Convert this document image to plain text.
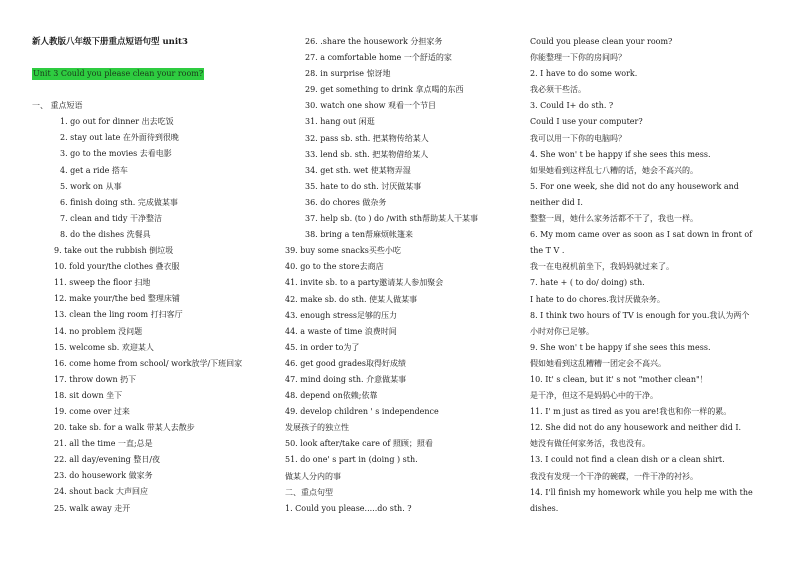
新人教版八年级下册重点短语句型 unit3
Unit 3 Could you please clean your room?
一、 重点短语
1. go out for dinner 出去吃饭
2. stay out late 在外面待到很晚
3. go to the movies 去看电影
4. get a ride 搭车
5. work on 从事
6. finish doing sth. 完成做某事
7. clean and tidy 干净整洁
8. do the dishes 洗餐具
9. take out the rubbish 倒垃圾
10. fold your/the clothes 叠衣服
11. sweep the floor 扫地
12. make your/the bed 整理床铺
13. clean the ling room 打扫客厅
14. no problem 没问题
15. welcome sb. 欢迎某人
16. come home from school/ work放学/下班回家
17. throw down 扔下
18. sit down 坐下
19. come over 过来
20. take sb. for a walk 带某人去散步
21. all the time 一直;总是
22. all day/evening 整日/夜
23. do housework 做家务
24. shout back 大声回应
25. walk away 走开
26. .share the housework 分担家务
27. a comfortable home 一个舒适的家
28. in surprise 惊讶地
29. get something to drink 拿点喝的东西
30. watch one show 观看一个节目
31. hang out 闲逛
32. pass sb. sth. 把某物传给某人
33. lend sb. sth. 把某物借给某人
34. get sth. wet 使某物弄湿
35. hate to do sth. 讨厌做某事
36. do chores 做杂务
37. help sb. (to ) do /with sth帮助某人干某事
38. bring a ten帮麻烦帐篷来
39. buy some snacks买些小吃
40. go to the store去商店
41. invite sb. to a party邀请某人参加聚会
42. make sb. do sth. 使某人做某事
43. enough stress足够的压力
44. a waste of time 浪费时间
45. in order to为了
46. get good grades取得好成绩
47. mind doing sth. 介意做某事
48. depend on依赖;依靠
49. develop children ' s independence
发展孩子的独立性
50. look after/take care of 照顾；照看
51. do one' s part in (doing ) sth.
做某人分内的事
二、重点句型
1. Could you please.....do sth. ?
Could you please clean your room?
你能整理一下你的房间吗？
2. I have to do some work.
我必须干些活。
3. Could I+ do sth. ?
Could I use your computer?
我可以用一下你的电脑吗？
4. She won' t be happy if she sees this mess.
如果她看到这样乱七八糟的话，她会不高兴的。
5. For one week, she did not do any housework and
neither did I.
整整一周，她什么家务活都不干了，我也一样。
6. My mom came over as soon as I sat down in front of
the T V .
我一在电视机前坐下，我妈妈就过来了。
7. hate + ( to do/ doing) sth.
I hate to do chores.我讨厌做杂务。
8. I think two hours of TV is enough for you.我认为两个
小时对你已足够。
9. She won' t be happy if she sees this mess.
假如她看到这乱糟糟一团定会不高兴。
10. It' s clean, but it' s not "mother clean"！
是干净，但这不是妈妈心中的干净。
11. I' m just as tired as you are!我也和你一样的累。
12. She did not do any housework and neither did I.
她没有做任何家务活，我也没有。
13. I could not find a clean dish or a clean shirt.
我没有发现一个干净的碗碟，一件干净的衬衫。
14. I'll finish my homework while you help me with the
dishes.
